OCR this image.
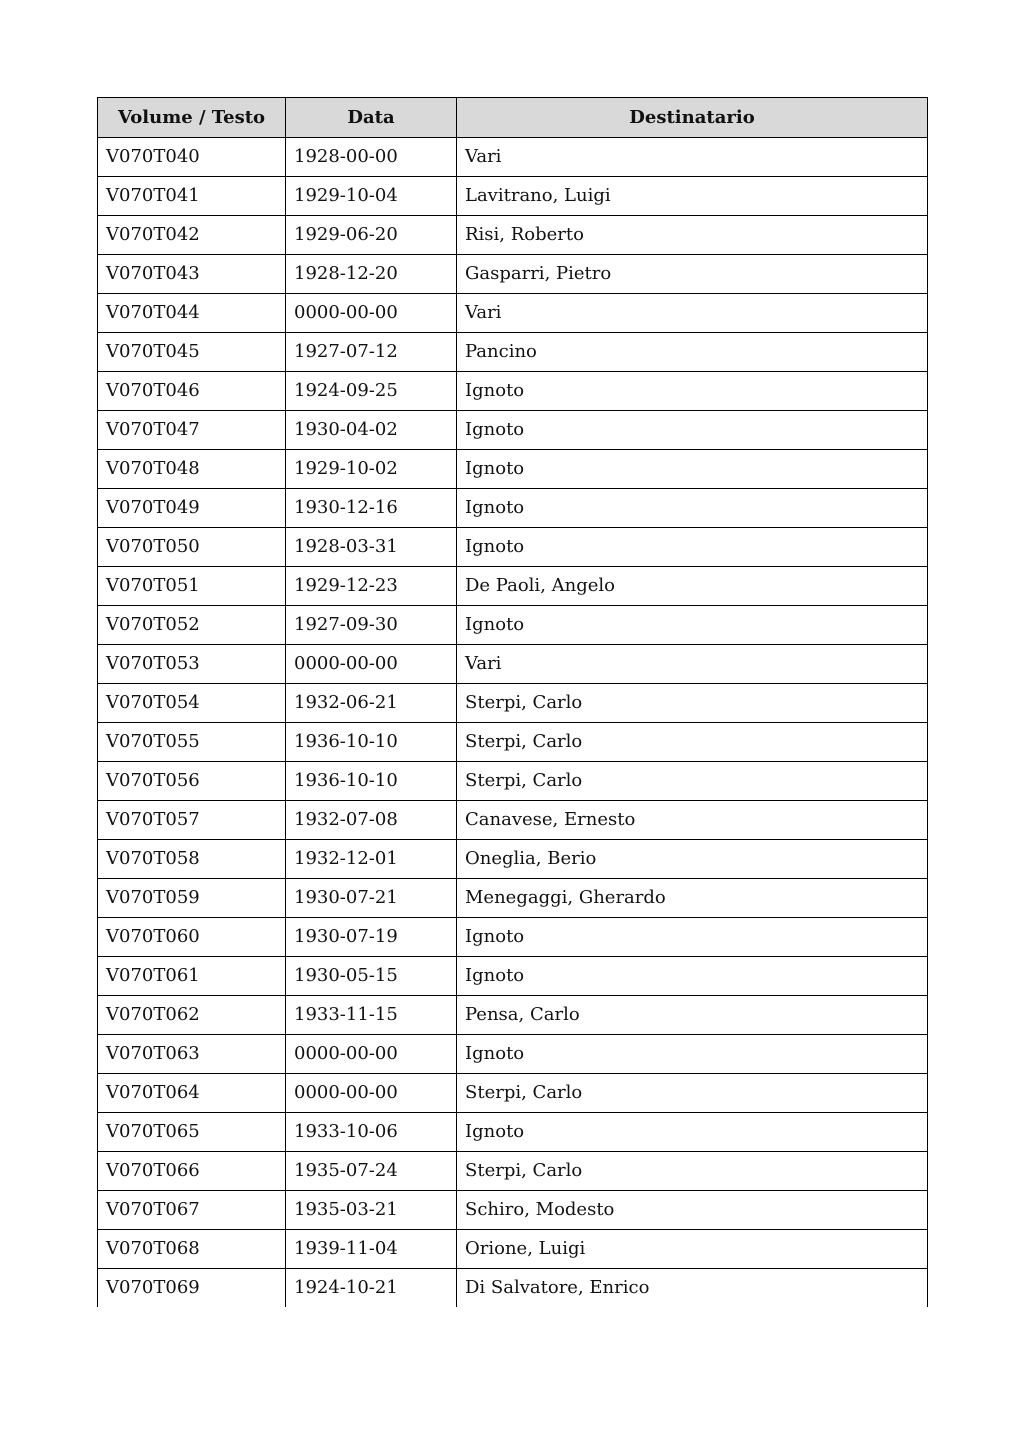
Volume / Testo	Data	Destinatario
V070T040	1928-00-00	Vari
V070T041	1929-10-04	Lavitrano, Luigi
V070T042	1929-06-20	Risi, Roberto
V070T043	1928-12-20	Gasparri, Pietro
V070T044	0000-00-00	Vari
V070T045	1927-07-12	Pancino
V070T046	1924-09-25	Ignoto
V070T047	1930-04-02	Ignoto
V070T048	1929-10-02	Ignoto
V070T049	1930-12-16	Ignoto
V070T050	1928-03-31	Ignoto
V070T051	1929-12-23	De Paoli, Angelo
V070T052	1927-09-30	Ignoto
V070T053	0000-00-00	Vari
V070T054	1932-06-21	Sterpi, Carlo
V070T055	1936-10-10	Sterpi, Carlo
V070T056	1936-10-10	Sterpi, Carlo
V070T057	1932-07-08	Canavese, Ernesto
V070T058	1932-12-01	Oneglia, Berio
V070T059	1930-07-21	Menegaggi, Gherardo
V070T060	1930-07-19	Ignoto
V070T061	1930-05-15	Ignoto
V070T062	1933-11-15	Pensa, Carlo
V070T063	0000-00-00	Ignoto
V070T064	0000-00-00	Sterpi, Carlo
V070T065	1933-10-06	Ignoto
V070T066	1935-07-24	Sterpi, Carlo
V070T067	1935-03-21	Schiro, Modesto
V070T068	1939-11-04	Orione, Luigi
V070T069	1924-10-21	Di Salvatore, Enrico
